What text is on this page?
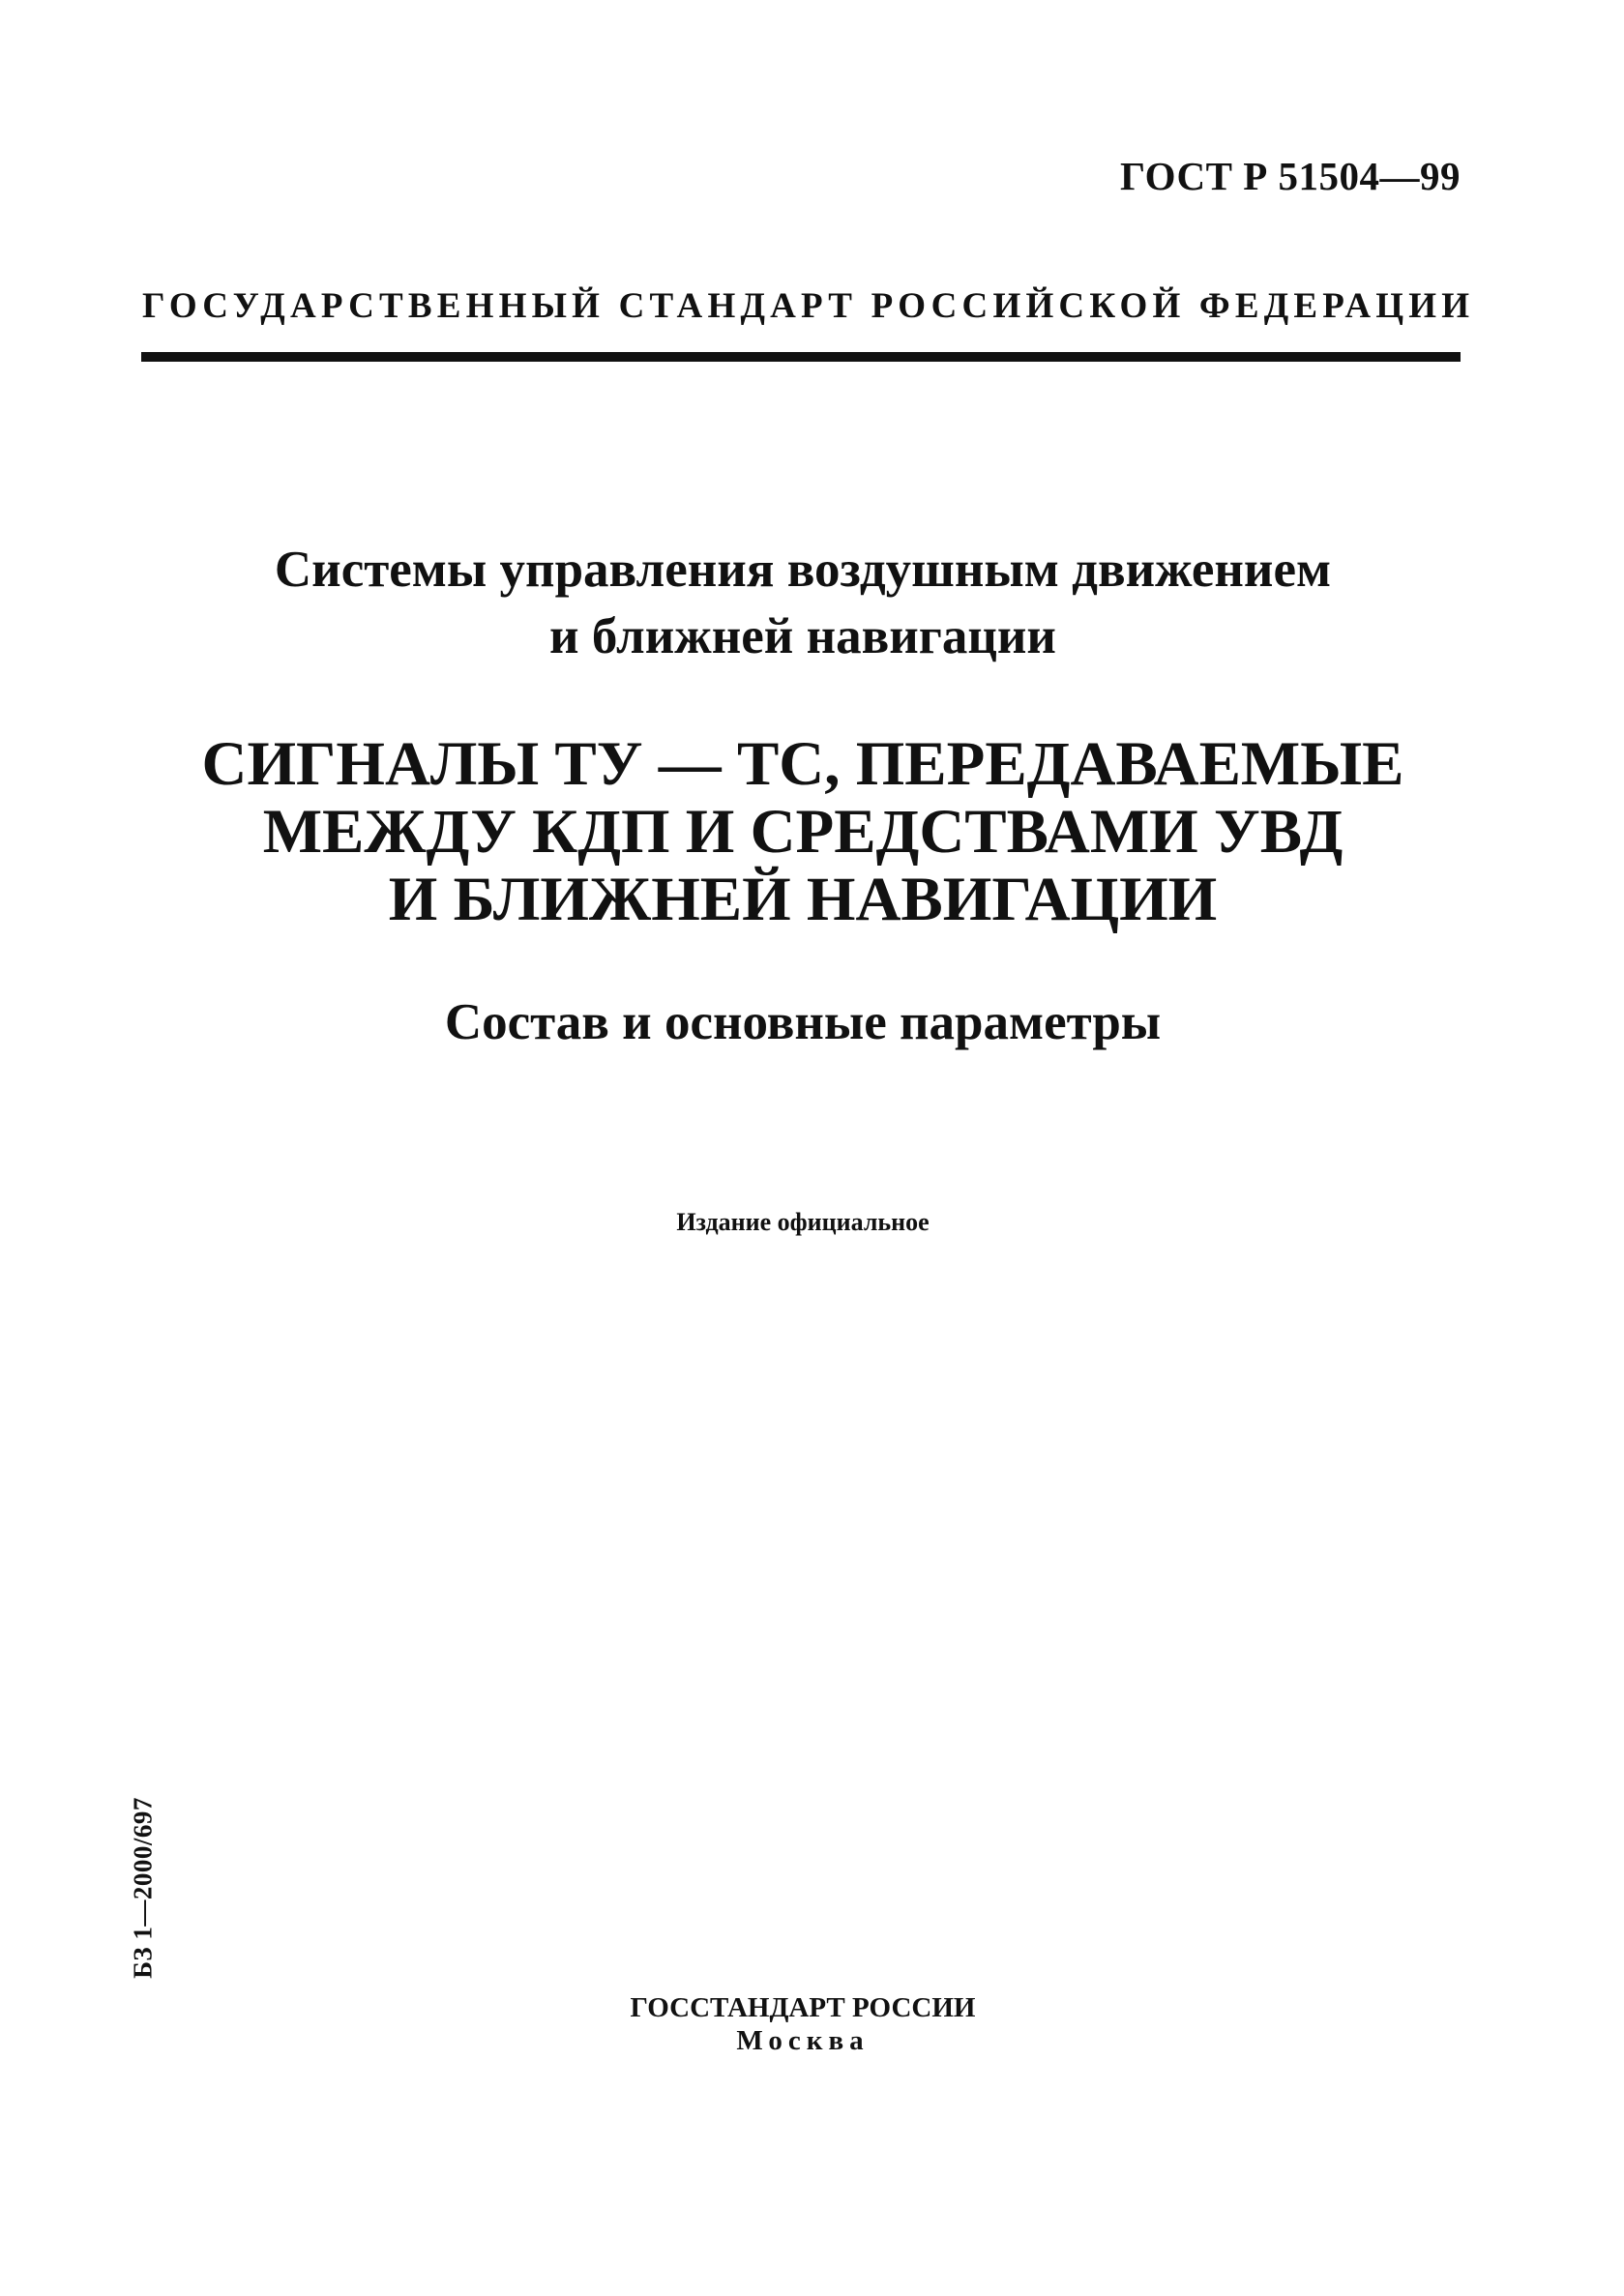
ГОСТ Р 51504—99
ГОСУДАРСТВЕННЫЙ СТАНДАРТ РОССИЙСКОЙ ФЕДЕРАЦИИ
Системы управления воздушным движением
и ближней навигации
СИГНАЛЫ ТУ — ТС, ПЕРЕДАВАЕМЫЕ
МЕЖДУ КДП И СРЕДСТВАМИ УВД
И БЛИЖНЕЙ НАВИГАЦИИ
Состав и основные параметры
Издание официальное
БЗ 1—2000/697
ГОССТАНДАРТ РОССИИ
Москва
